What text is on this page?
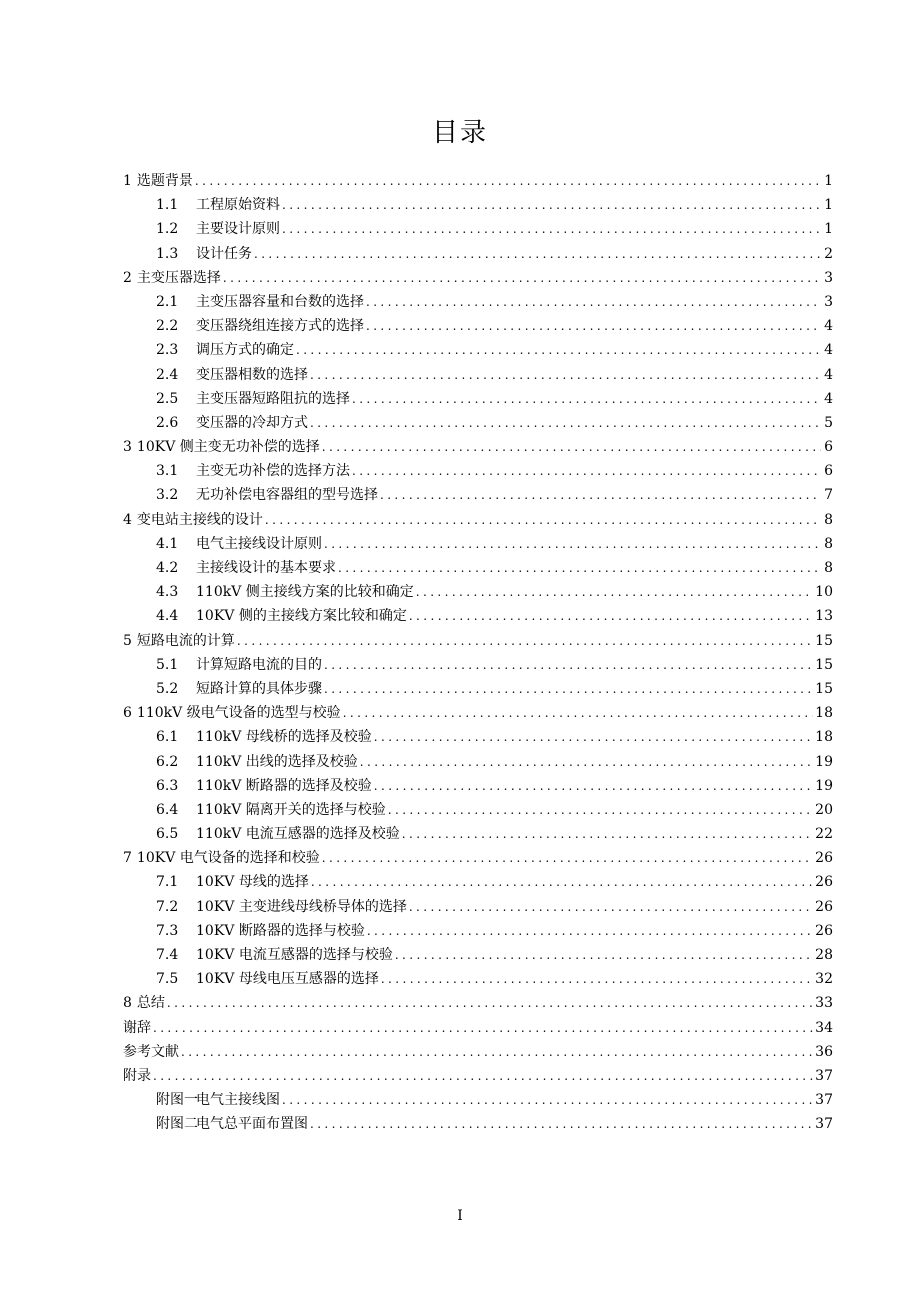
目录
1 选题背景 .....	1
1.1 工程原始资料 .....	1
1.2 主要设计原则 .....	1
1.3 设计任务 .....	2
2 主变压器选择 .....	3
2.1 主变压器容量和台数的选择 .....	3
2.2 变压器绕组连接方式的选择 .....	4
2.3 调压方式的确定 .....	4
2.4 变压器相数的选择 .....	4
2.5 主变压器短路阻抗的选择 .....	4
2.6 变压器的冷却方式 .....	5
3 10KV 侧主变无功补偿的选择 .....	6
3.1 主变无功补偿的选择方法 .....	6
3.2 无功补偿电容器组的型号选择 .....	7
4 变电站主接线的设计 .....	8
4.1 电气主接线设计原则 .....	8
4.2 主接线设计的基本要求 .....	8
4.3 110kV 侧主接线方案的比较和确定 .....	10
4.4 10KV 侧的主接线方案比较和确定 .....	13
5 短路电流的计算 .....	15
5.1 计算短路电流的目的 .....	15
5.2 短路计算的具体步骤 .....	15
6 110kV 级电气设备的选型与校验 .....	18
6.1 110kV 母线桥的选择及校验 .....	18
6.2 110kV 出线的选择及校验 .....	19
6.3 110kV 断路器的选择及校验 .....	19
6.4 110kV 隔离开关的选择与校验 .....	20
6.5 110kV 电流互感器的选择及校验 .....	22
7 10KV 电气设备的选择和校验 .....	26
7.1 10KV 母线的选择 .....	26
7.2 10KV 主变进线母线桥导体的选择 .....	26
7.3 10KV 断路器的选择与校验 .....	26
7.4 10KV 电流互感器的选择与校验 .....	28
7.5 10KV 母线电压互感器的选择 .....	32
8 总结 .....	33
谢辞 .....	34
参考文献 .....	36
附录 .....	37
附图一电气主接线图 .....	37
附图二电气总平面布置图 .....	37
I
